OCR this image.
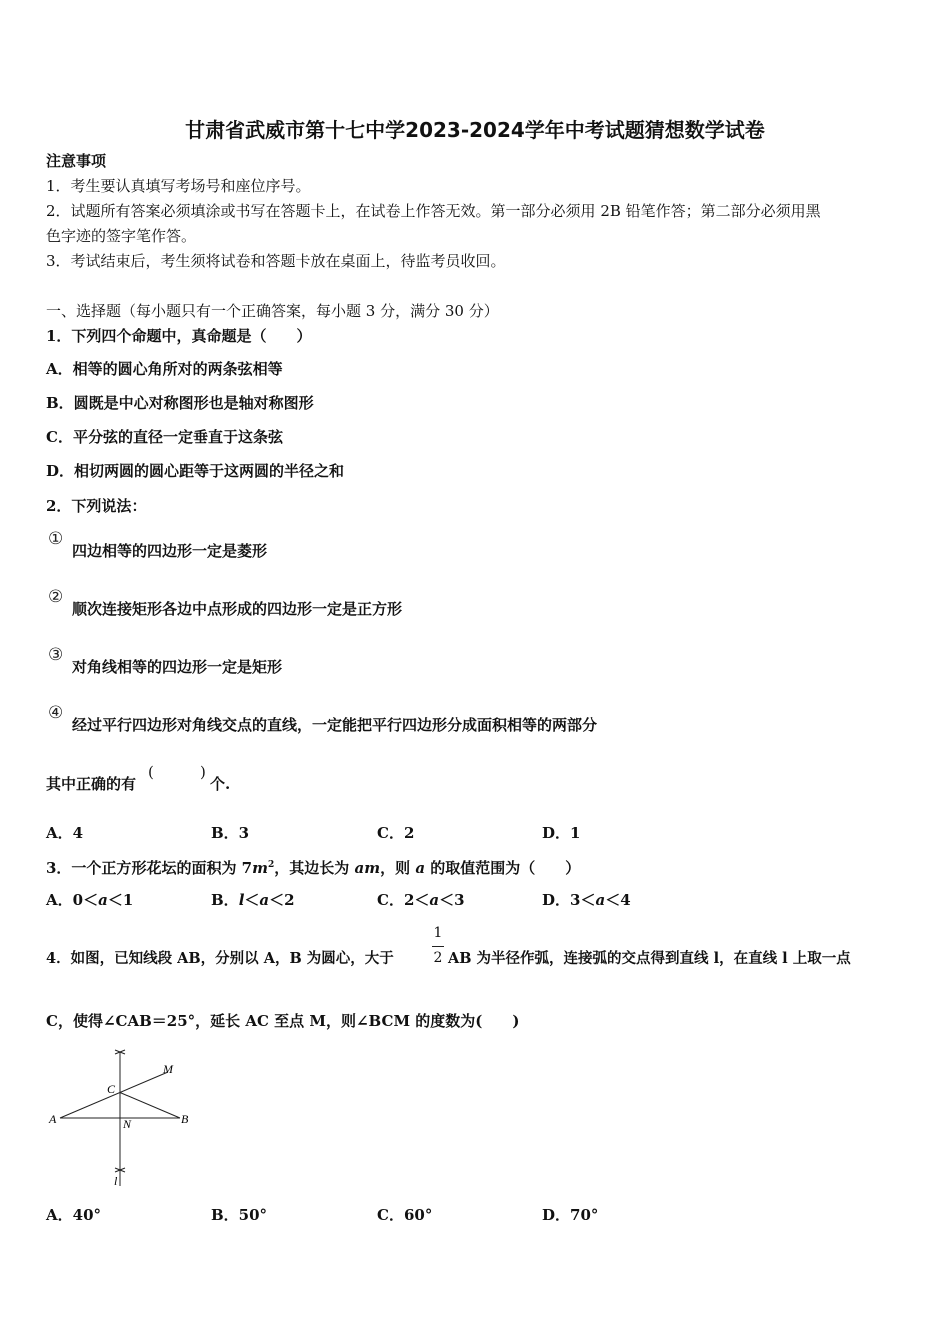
甘肃省武威市第十七中学2023-2024学年中考试题猜想数学试卷
注意事项
1．考生要认真填写考场号和座位序号。
2．试题所有答案必须填涂或书写在答题卡上，在试卷上作答无效。第一部分必须用 2B 铅笔作答；第二部分必须用黑
色字迹的签字笔作答。
3．考试结束后，考生须将试卷和答题卡放在桌面上，待监考员收回。
一、选择题（每小题只有一个正确答案，每小题 3 分，满分 30 分）
1．下列四个命题中，真命题是（　　）
A．相等的圆心角所对的两条弦相等
B．圆既是中心对称图形也是轴对称图形
C．平分弦的直径一定垂直于这条弦
D．相切两圆的圆心距等于这两圆的半径之和
2．下列说法：
①
四边相等的四边形一定是菱形
②
顺次连接矩形各边中点形成的四边形一定是正方形
③
对角线相等的四边形一定是矩形
④
经过平行四边形对角线交点的直线，一定能把平行四边形分成面积相等的两部分
其中正确的有
(	)
个.
A．4	B．3	C．2	D．1
3．一个正方形花坛的面积为 $7m^2$，其边长为 am，则 a 的取值范围为（　　）
A．0＜a＜1	B．l＜a＜2	C．2＜a＜3	D．3＜a＜4
4．如图，已知线段 AB，分别以 A，B 为圆心，大于
1
2 AB 为半径作弧，连接弧的交点得到直线 l，在直线 l 上取一点
C，使得∠CAB＝25°，延长 AC 至点 M，则∠BCM 的度数为(　　)
M
C
A	N	B
l
A．40°	B．50°	C．60°	D．70°
